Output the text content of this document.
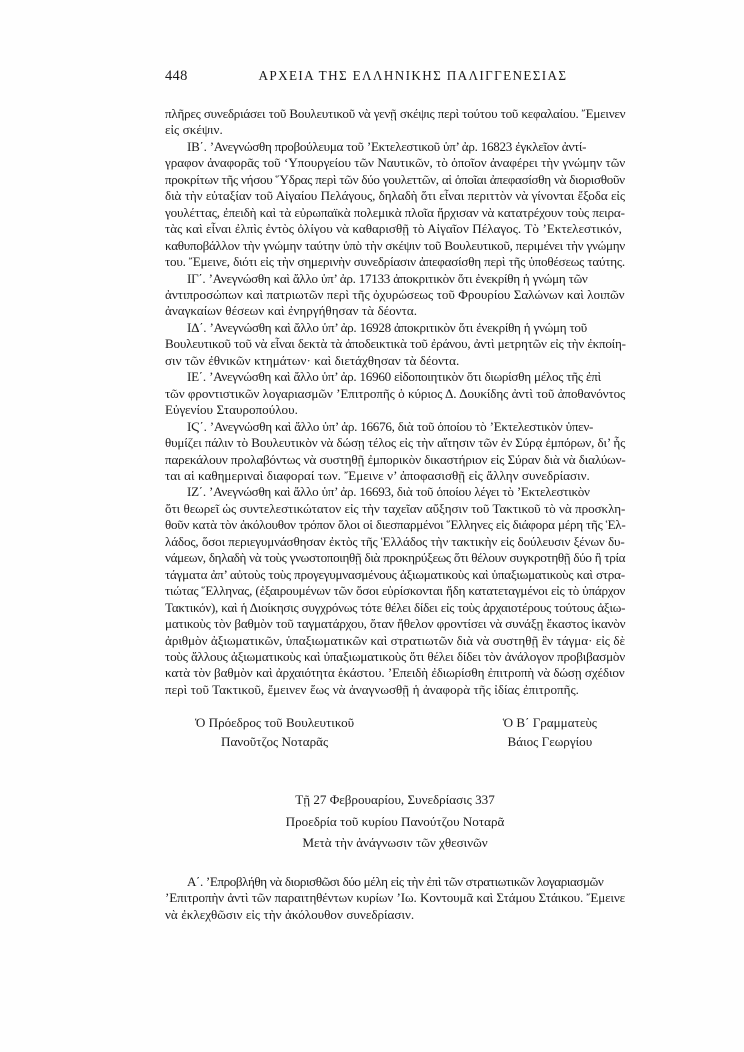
448	ΑΡΧΕΙΑ ΤΗΣ ΕΛΛΗΝΙΚΗΣ ΠΑΛΙΓΓΕΝΕΣΙΑΣ

πλῆρες συνεδριάσει τοῦ Βουλευτικοῦ νὰ γενῇ σκέψις περὶ τούτου τοῦ κεφαλαίου. Ἔμεινεν
εἰς σκέψιν.

ΙΒ΄. ’Ανεγνώσθη προβούλευμα τοῦ ’Εκτελεστικοῦ ὑπ’ ἀρ. 16823 ἐγκλεῖον ἀντί-
γραφον ἀναφορᾶς τοῦ ‘Υπουργείου τῶν Ναυτικῶν, τὸ ὁποῖον ἀναφέρει τὴν γνώμην τῶν
προκρίτων τῆς νήσου Ὕδρας περὶ τῶν δύο γουλεττῶν, αἱ ὁποῖαι ἀπεφασίσθη νὰ διορισθοῦν
διὰ τὴν εὐταξίαν τοῦ Αἰγαίου Πελάγους, δηλαδὴ ὅτι εἶναι περιττὸν νὰ γίνονται ἔξοδα εἰς
γουλέττας, ἐπειδὴ καὶ τὰ εὐρωπαϊκὰ πολεμικὰ πλοῖα ἤρχισαν νὰ κατατρέχουν τοὺς πειρα-
τὰς καὶ εἶναι ἐλπὶς ἐντὸς ὀλίγου νὰ καθαρισθῇ τὸ Αἰγαῖον Πέλαγος. Τὸ ’Εκτελεστικόν,
καθυποβάλλον τὴν γνώμην ταύτην ὑπὸ τὴν σκέψιν τοῦ Βουλευτικοῦ, περιμένει τὴν γνώμην
του. Ἔμεινε, διότι εἰς τὴν σημερινὴν συνεδρίασιν ἀπεφασίσθη περὶ τῆς ὑποθέσεως ταύτης.

ΙΓ΄. ’Ανεγνώσθη καὶ ἄλλο ὑπ’ ἀρ. 17133 ἀποκριτικὸν ὅτι ἐνεκρίθη ἡ γνώμη τῶν
ἀντιπροσώπων καὶ πατριωτῶν περὶ τῆς ὀχυρώσεως τοῦ Φρουρίου Σαλώνων καὶ λοιπῶν
ἀναγκαίων θέσεων καὶ ἐνηργήθησαν τὰ δέοντα.

ΙΔ΄. ’Ανεγνώσθη καὶ ἄλλο ὑπ’ ἀρ. 16928 ἀποκριτικὸν ὅτι ἐνεκρίθη ἡ γνώμη τοῦ
Βουλευτικοῦ τοῦ νὰ εἶναι δεκτὰ τὰ ἀποδεικτικὰ τοῦ ἐράνου, ἀντὶ μετρητῶν εἰς τὴν ἐκποίη-
σιν τῶν ἐθνικῶν κτημάτων· καὶ διετάχθησαν τὰ δέοντα.

ΙΕ΄. ’Ανεγνώσθη καὶ ἄλλο ὑπ’ ἀρ. 16960 εἰδοποιητικὸν ὅτι διωρίσθη μέλος τῆς ἐπὶ
τῶν φροντιστικῶν λογαριασμῶν ’Επιτροπῆς ὁ κύριος Δ. Δουκίδης ἀντὶ τοῦ ἀποθανόντος
Εὐγενίου Σταυροπούλου.

ΙϚ΄. ’Ανεγνώσθη καὶ ἄλλο ὑπ’ ἀρ. 16676, διὰ τοῦ ὁποίου τὸ ’Εκτελεστικὸν ὑπεν-
θυμίζει πάλιν τὸ Βουλευτικὸν νὰ δώσῃ τέλος εἰς τὴν αἴτησιν τῶν ἐν Σύρᾳ ἐμπόρων, δι’ ἧς
παρεκάλουν προλαβόντως νὰ συστηθῇ ἐμπορικὸν δικαστήριον εἰς Σύραν διὰ νὰ διαλύων-
ται αἱ καθημεριναὶ διαφοραί των. Ἔμεινε ν’ ἀποφασισθῇ εἰς ἄλλην συνεδρίασιν.

ΙΖ΄. ’Ανεγνώσθη καὶ ἄλλο ὑπ’ ἀρ. 16693, διὰ τοῦ ὁποίου λέγει τὸ ’Εκτελεστικὸν
ὅτι θεωρεῖ ὡς συντελεστικώτατον εἰς τὴν ταχεῖαν αὔξησιν τοῦ Τακτικοῦ τὸ νὰ προσκλη-
θοῦν κατὰ τὸν ἀκόλουθον τρόπον ὅλοι οἱ διεσπαρμένοι Ἕλληνες εἰς διάφορα μέρη τῆς Ἑλ-
λάδος, ὅσοι περιεγυμνάσθησαν ἐκτὸς τῆς Ἑλλάδος τὴν τακτικὴν εἰς δούλευσιν ξένων δυ-
νάμεων, δηλαδὴ νὰ τοὺς γνωστοποιηθῇ διὰ προκηρύξεως ὅτι θέλουν συγκροτηθῇ δύο ἢ τρία
τάγματα ἀπ’ αὐτοὺς τοὺς προγεγυμνασμένους ἀξιωματικοὺς καὶ ὑπαξιωματικοὺς καὶ στρα-
τιώτας Ἕλληνας, (ἐξαιρουμένων τῶν ὅσοι εὑρίσκονται ἤδη κατατεταγμένοι εἰς τὸ ὑπάρχον
Τακτικόν), καὶ ἡ Διοίκησις συγχρόνως τότε θέλει δίδει εἰς τοὺς ἀρχαιοτέρους τούτους ἀξιω-
ματικοὺς τὸν βαθμὸν τοῦ ταγματάρχου, ὅταν ἤθελον φροντίσει νὰ συνάξῃ ἕκαστος ἱκανὸν
ἀριθμὸν ἀξιωματικῶν, ὑπαξιωματικῶν καὶ στρατιωτῶν διὰ νὰ συστηθῇ ἓν τάγμα· εἰς δὲ
τοὺς ἄλλους ἀξιωματικοὺς καὶ ὑπαξιωματικοὺς ὅτι θέλει δίδει τὸν ἀνάλογον προβιβασμὸν
κατὰ τὸν βαθμὸν καὶ ἀρχαιότητα ἑκάστου. ’Επειδὴ ἐδιωρίσθη ἐπιτροπὴ νὰ δώσῃ σχέδιον
περὶ τοῦ Τακτικοῦ, ἔμεινεν ἕως νὰ ἀναγνωσθῇ ἡ ἀναφορὰ τῆς ἰδίας ἐπιτροπῆς.

Ὁ Πρόεδρος τοῦ Βουλευτικοῦ
Πανοῦτζος Νοταρᾶς
Ὁ Β΄ Γραμματεὺς
Βάιος Γεωργίου
Τῇ 27 Φεβρουαρίου, Συνεδρίασις 337
Προεδρία τοῦ κυρίου Πανούτζου Νοταρᾶ
Μετὰ τὴν ἀνάγνωσιν τῶν χθεσινῶν

Α΄. ’Επροβλήθη νὰ διορισθῶσι δύο μέλη εἰς τὴν ἐπὶ τῶν στρατιωτικῶν λογαριασμῶν
’Επιτροπὴν ἀντὶ τῶν παραιτηθέντων κυρίων ’Ιω. Κοντουμᾶ καὶ Στάμου Στάικου. Ἔμεινε
νὰ ἐκλεχθῶσιν εἰς τὴν ἀκόλουθον συνεδρίασιν.
